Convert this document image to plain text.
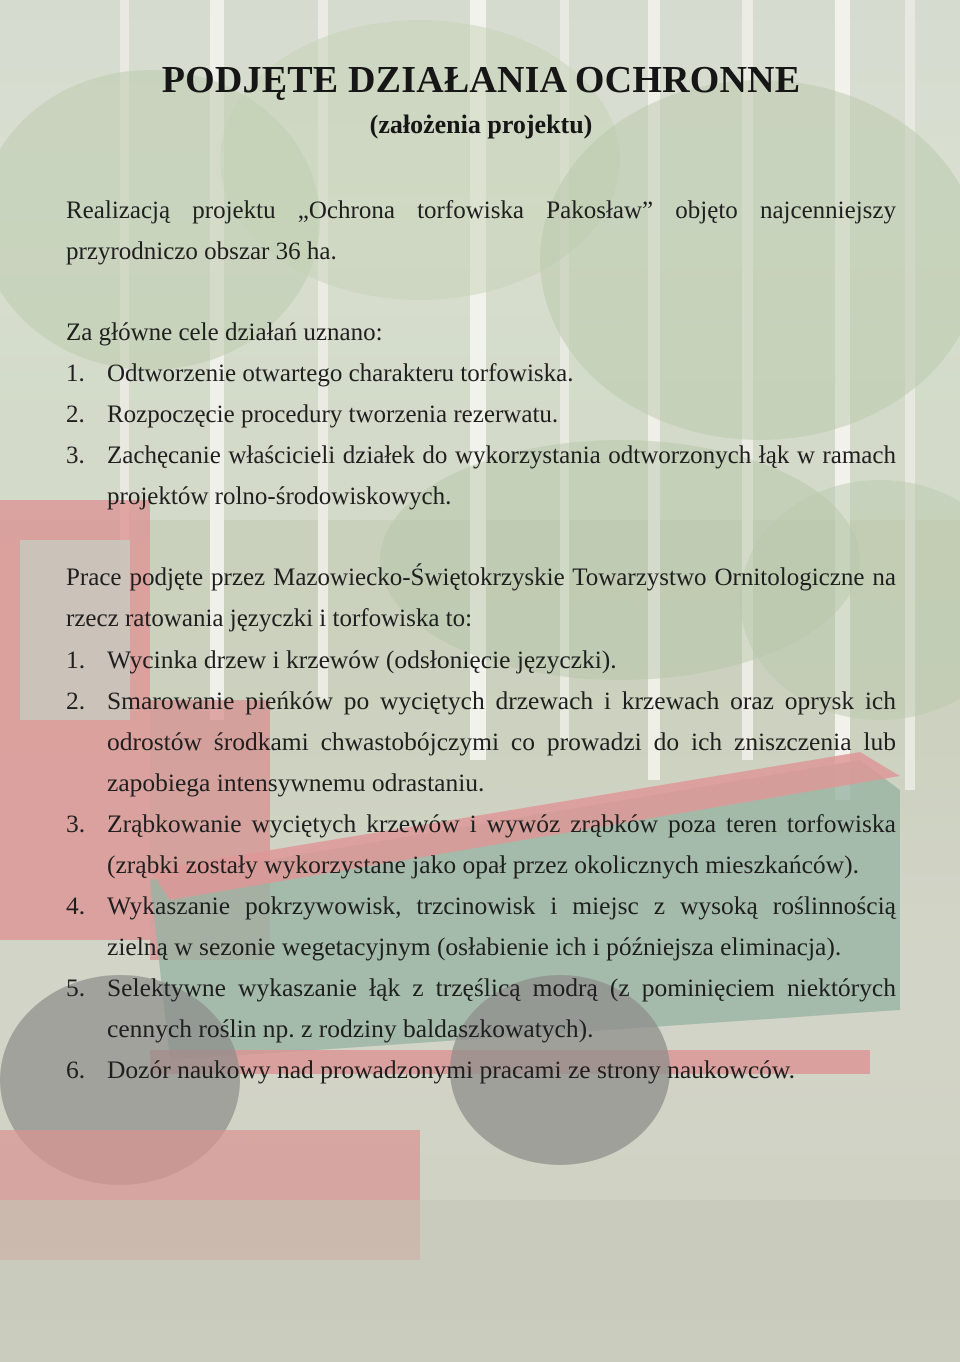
PODJĘTE DZIAŁANIA OCHRONNE
(założenia projektu)

Realizacją projektu „Ochrona torfowiska Pakosław” objęto najcenniejszy przyrodniczo obszar 36 ha.

Za główne cele działań uznano:

1. Odtworzenie otwartego charakteru torfowiska.
2. Rozpoczęcie procedury tworzenia rezerwatu.
3. Zachęcanie właścicieli działek do wykorzystania odtworzonych łąk w ramach projektów rolno-środowiskowych.

Prace podjęte przez Mazowiecko-Świętokrzyskie Towarzystwo Ornitologiczne na rzecz ratowania języczki i torfowiska to:

1. Wycinka drzew i krzewów (odsłonięcie języczki).
2. Smarowanie pieńków po wyciętych drzewach i krzewach oraz oprysk ich odrostów środkami chwastobójczymi co prowadzi do ich zniszczenia lub zapobiega intensywnemu odrastaniu.
3. Zrąbkowanie wyciętych krzewów i wywóz zrąbków poza teren torfowiska (zrąbki zostały wykorzystane jako opał przez okolicznych mieszkańców).
4. Wykaszanie pokrzywowisk, trzcinowisk i miejsc z wysoką roślinnością zielną w sezonie wegetacyjnym (osłabienie ich i późniejsza eliminacja).
5. Selektywne wykaszanie łąk z trzęślicą modrą (z pominięciem niektórych cennych roślin np. z rodziny baldaszkowatych).
6. Dozór naukowy nad prowadzonymi pracami ze strony naukowców.
